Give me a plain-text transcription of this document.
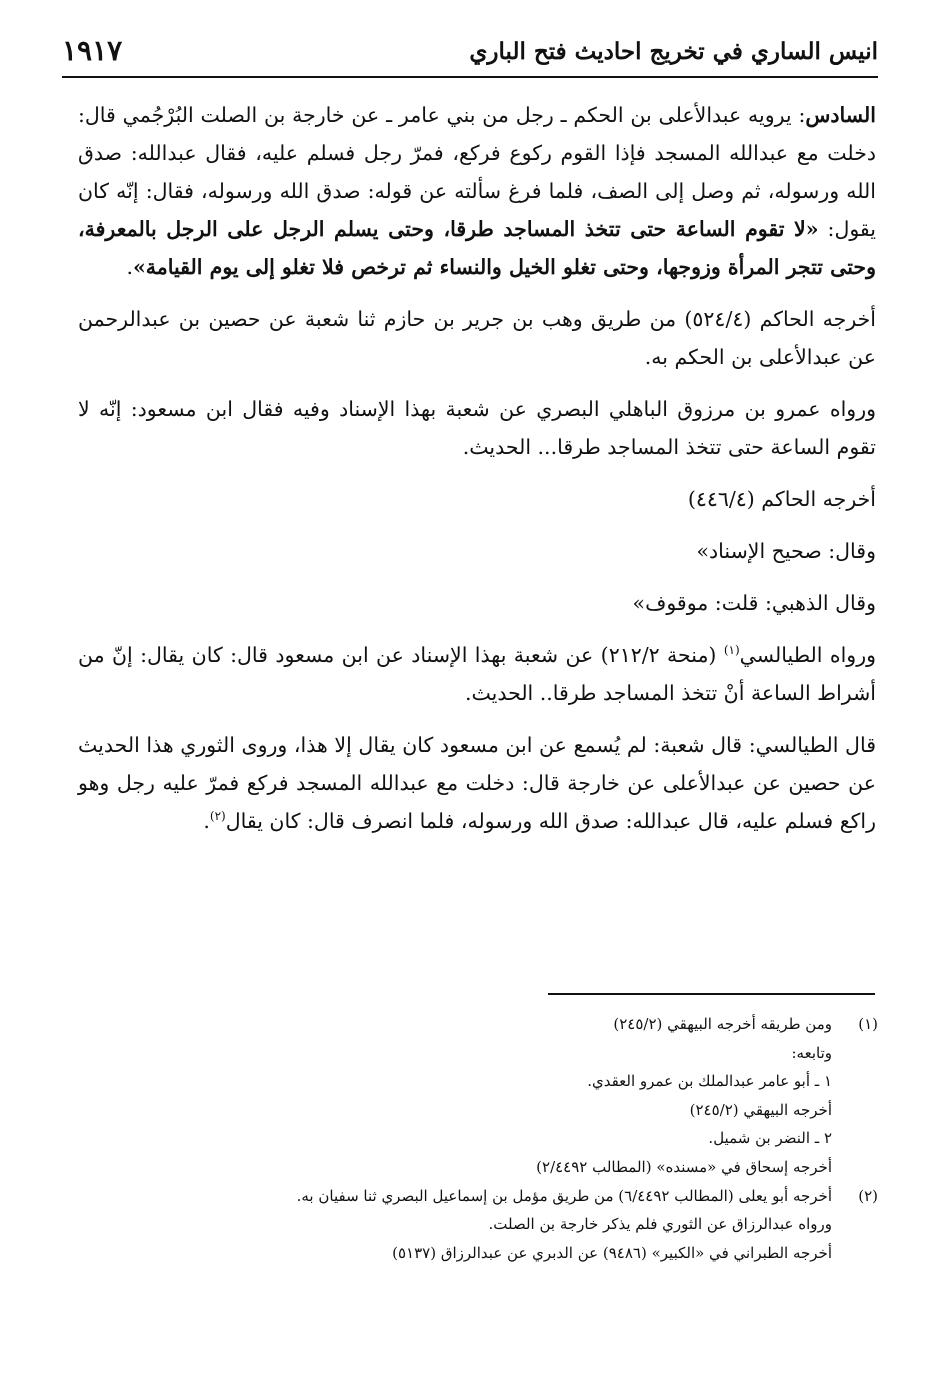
انيس الساري في تخريج احاديث فتح الباري
١٩١٧

السادس: يرويه عبدالأعلى بن الحكم ـ رجل من بني عامر ـ عن خارجة بن الصلت البُرْجُمي قال: دخلت مع عبدالله المسجد فإذا القوم ركوع فركع، فمرّ رجل فسلم عليه، فقال عبدالله: صدق الله ورسوله، ثم وصل إلى الصف، فلما فرغ سألته عن قوله: صدق الله ورسوله، فقال: إنّه كان يقول: «لا تقوم الساعة حتى تتخذ المساجد طرقا، وحتى يسلم الرجل على الرجل بالمعرفة، وحتى تتجر المرأة وزوجها، وحتى تغلو الخيل والنساء ثم ترخص فلا تغلو إلى يوم القيامة».

أخرجه الحاكم (٥٢٤/٤) من طريق وهب بن جرير بن حازم ثنا شعبة عن حصين بن عبدالرحمن عن عبدالأعلى بن الحكم به.

ورواه عمرو بن مرزوق الباهلي البصري عن شعبة بهذا الإسناد وفيه فقال ابن مسعود: إنّه لا تقوم الساعة حتى تتخذ المساجد طرقا... الحديث.

أخرجه الحاكم (٤٤٦/٤)

وقال: صحيح الإسناد»

وقال الذهبي: قلت: موقوف»

ورواه الطيالسي$^{(١)}$ (منحة ٢١٢/٢) عن شعبة بهذا الإسناد عن ابن مسعود قال: كان يقال: إنّ من أشراط الساعة أنْ تتخذ المساجد طرقا.. الحديث.

قال الطيالسي: قال شعبة: لم يُسمع عن ابن مسعود كان يقال إلا هذا، وروى الثوري هذا الحديث عن حصين عن عبدالأعلى عن خارجة قال: دخلت مع عبدالله المسجد فركع فمرّ عليه رجل وهو راكع فسلم عليه، قال عبدالله: صدق الله ورسوله، فلما انصرف قال: كان يقال$^{(٢)}$.

(١)
ومن طريقه أخرجه البيهقي (٢٤٥/٢)
وتابعه:
١ ـ أبو عامر عبدالملك بن عمرو العقدي.
أخرجه البيهقي (٢٤٥/٢)
٢ ـ النضر بن شميل.
أخرجه إسحاق في «مسنده» (المطالب ٢/٤٤٩٢)
(٢)
أخرجه أبو يعلى (المطالب ٦/٤٤٩٢) من طريق مؤمل بن إسماعيل البصري ثنا سفيان به.
ورواه عبدالرزاق عن الثوري فلم يذكر خارجة بن الصلت.
أخرجه الطبراني في «الكبير» (٩٤٨٦) عن الدبري عن عبدالرزاق (٥١٣٧)
